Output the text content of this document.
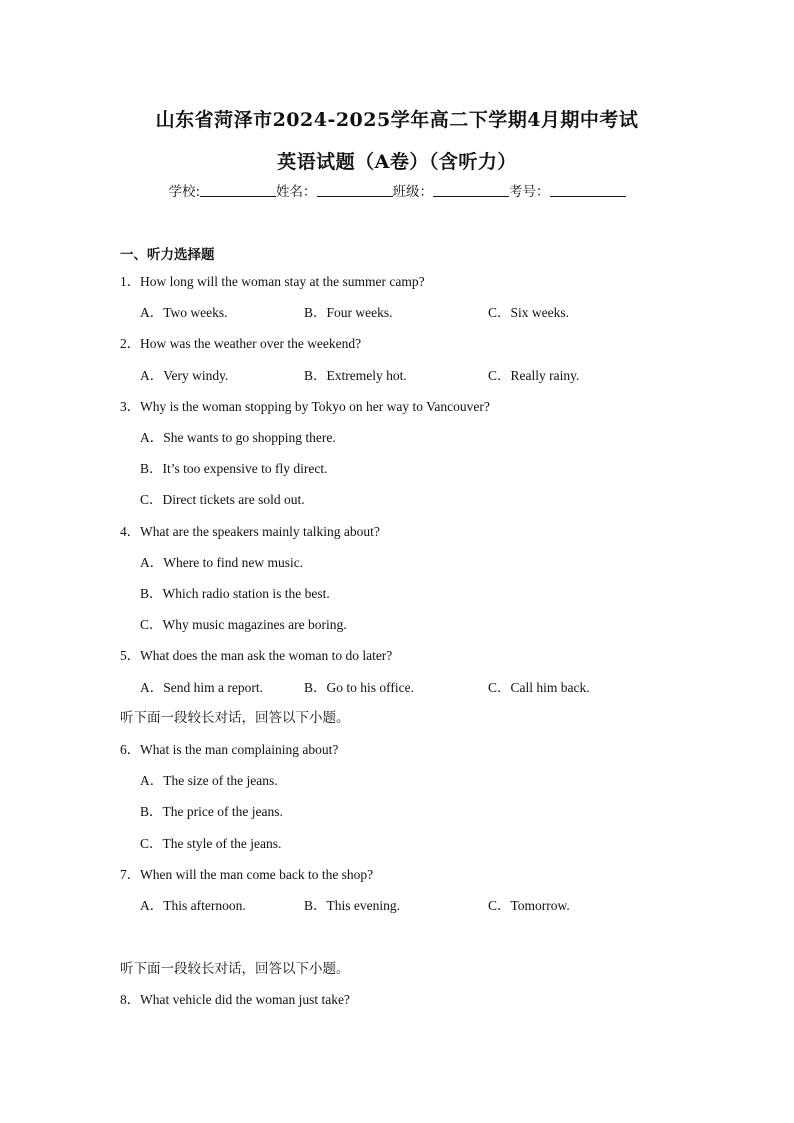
山东省菏泽市2024-2025学年高二下学期4月期中考试
英语试题（A卷）（含听力）
学校:	姓名：	班级：	考号：
一、听力选择题
1．How long will the woman stay at the summer camp?
A．Two weeks.	B．Four weeks.	C．Six weeks.
2．How was the weather over the weekend?
A．Very windy.	B．Extremely hot.	C．Really rainy.
3．Why is the woman stopping by Tokyo on her way to Vancouver?
A．She wants to go shopping there.
B．It’s too expensive to fly direct.
C．Direct tickets are sold out.
4．What are the speakers mainly talking about?
A．Where to find new music.
B．Which radio station is the best.
C．Why music magazines are boring.
5．What does the man ask the woman to do later?
A．Send him a report.	B．Go to his office.	C．Call him back.
听下面一段较长对话，回答以下小题。
6．What is the man complaining about?
A．The size of the jeans.
B．The price of the jeans.
C．The style of the jeans.
7．When will the man come back to the shop?
A．This afternoon.	B．This evening.	C．Tomorrow.
听下面一段较长对话，回答以下小题。
8．What vehicle did the woman just take?
